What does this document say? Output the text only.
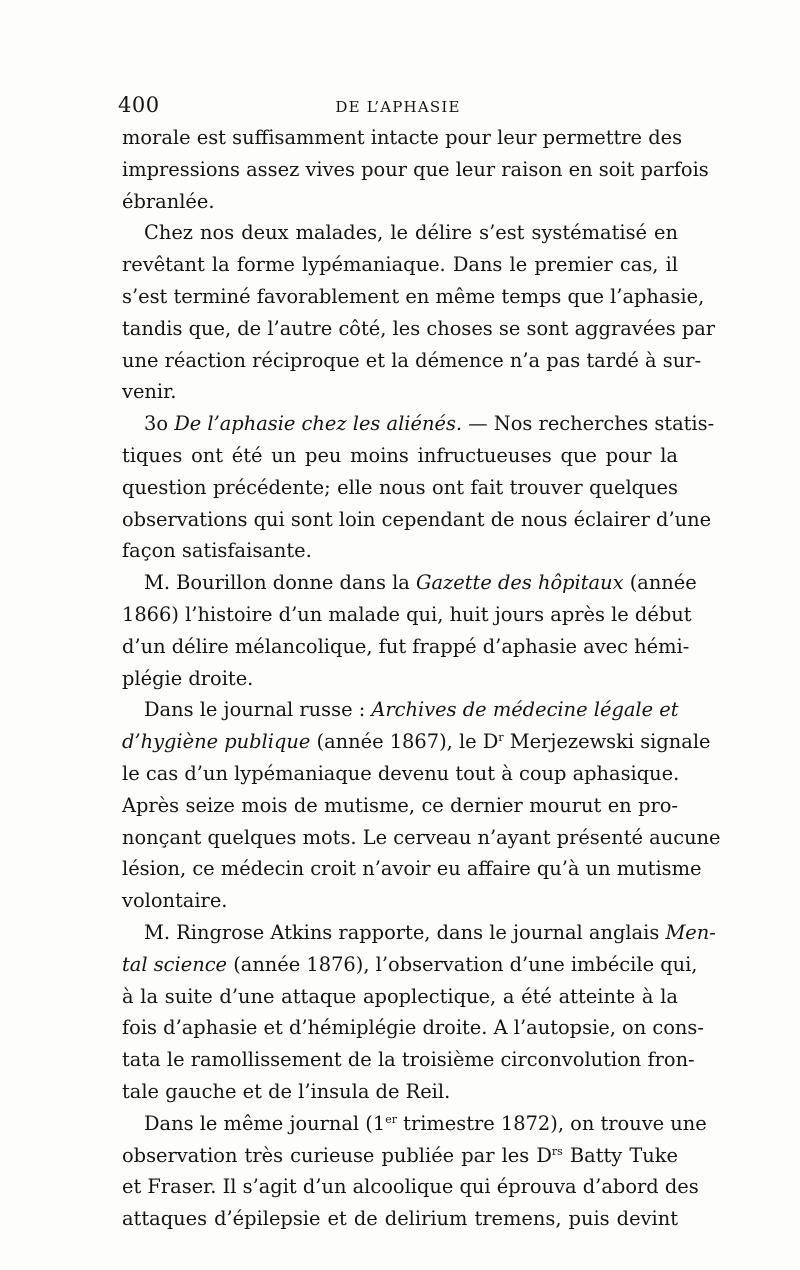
400	DE L’APHASIE
morale est suffisamment intacte pour leur permettre des
impressions assez vives pour que leur raison en soit parfois
ébranlée.
Chez nos deux malades, le délire s’est systématisé en
revêtant la forme lypémaniaque. Dans le premier cas, il
s’est terminé favorablement en même temps que l’aphasie,
tandis que, de l’autre côté, les choses se sont aggravées par
une réaction réciproque et la démence n’a pas tardé à sur-
venir.
3o De l’aphasie chez les aliénés. — Nos recherches statis-
tiques ont été un peu moins infructueuses que pour la
question précédente; elle nous ont fait trouver quelques
observations qui sont loin cependant de nous éclairer d’une
façon satisfaisante.
M. Bourillon donne dans la Gazette des hôpitaux (année
1866) l’histoire d’un malade qui, huit jours après le début
d’un délire mélancolique, fut frappé d’aphasie avec hémi-
plégie droite.
Dans le journal russe : Archives de médecine légale et
d’hygiène publique (année 1867), le $D^r$ Merjezewski signale
le cas d’un lypémaniaque devenu tout à coup aphasique.
Après seize mois de mutisme, ce dernier mourut en pro-
nonçant quelques mots. Le cerveau n’ayant présenté aucune
lésion, ce médecin croit n’avoir eu affaire qu’à un mutisme
volontaire.
M. Ringrose Atkins rapporte, dans le journal anglais Men-
tal science (année 1876), l’observation d’une imbécile qui,
à la suite d’une attaque apoplectique, a été atteinte à la
fois d’aphasie et d’hémiplégie droite. A l’autopsie, on cons-
tata le ramollissement de la troisième circonvolution fron-
tale gauche et de l’insula de Reil.
Dans le même journal (1er trimestre 1872), on trouve une
observation très curieuse publiée par les $D^{rs}$ Batty Tuke
et Fraser. Il s’agit d’un alcoolique qui éprouva d’abord des
attaques d’épilepsie et de delirium tremens, puis devint
